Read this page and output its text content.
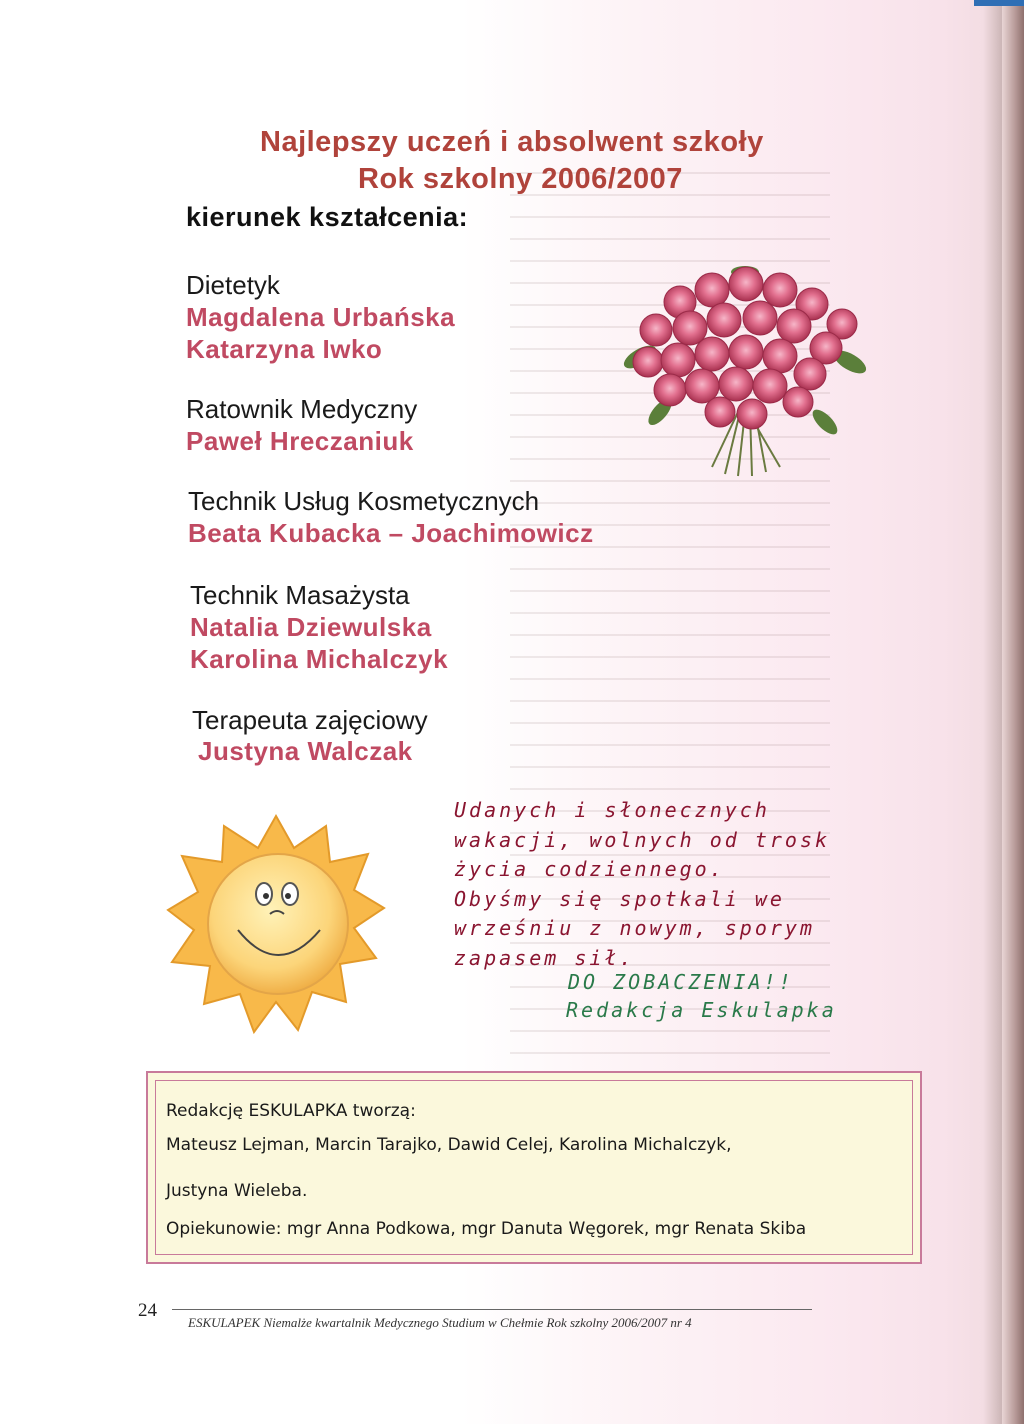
Najlepszy uczeń i absolwent szkoły
Rok szkolny 2006/2007
kierunek kształcenia:
Dietetyk
Magdalena Urbańska
Katarzyna Iwko
Ratownik Medyczny
Paweł Hreczaniuk
Technik Usług Kosmetycznych
Beata Kubacka – Joachimowicz
Technik Masażysta
Natalia Dziewulska
Karolina Michalczyk
Terapeuta zajęciowy
Justyna Walczak
Udanych i słonecznych
wakacji, wolnych od trosk
życia codziennego.
Obyśmy się spotkali we
wrześniu z nowym, sporym
zapasem sił.
DO ZOBACZENIA!!
Redakcja Eskulapka
Redakcję ESKULAPKA tworzą:
Mateusz Lejman, Marcin Tarajko, Dawid Celej, Karolina Michalczyk,
Justyna Wieleba.
Opiekunowie: mgr Anna Podkowa, mgr Danuta Węgorek, mgr Renata Skiba
24
ESKULAPEK Niemalże kwartalnik Medycznego Studium w Chełmie Rok szkolny 2006/2007 nr 4
